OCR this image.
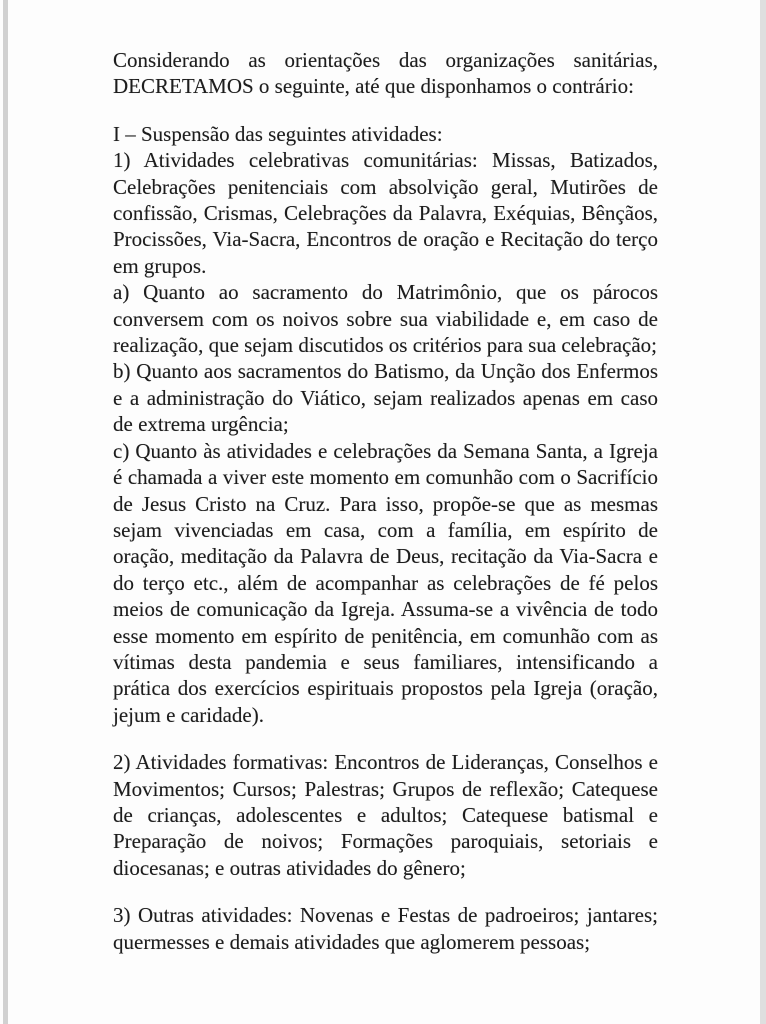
Considerando as orientações das organizações sanitárias, DECRETAMOS o seguinte, até que disponhamos o contrário:

I – Suspensão das seguintes atividades:

1) Atividades celebrativas comunitárias: Missas, Batizados, Celebrações penitenciais com absolvição geral, Mutirões de confissão, Crismas, Celebrações da Palavra, Exéquias, Bênçãos, Procissões, Via-Sacra, Encontros de oração e Recitação do terço em grupos.

a) Quanto ao sacramento do Matrimônio, que os párocos conversem com os noivos sobre sua viabilidade e, em caso de realização, que sejam discutidos os critérios para sua celebração;

b) Quanto aos sacramentos do Batismo, da Unção dos Enfermos e a administração do Viático, sejam realizados apenas em caso de extrema urgência;

c) Quanto às atividades e celebrações da Semana Santa, a Igreja é chamada a viver este momento em comunhão com o Sacrifício de Jesus Cristo na Cruz. Para isso, propõe-se que as mesmas sejam vivenciadas em casa, com a família, em espírito de oração, meditação da Palavra de Deus, recitação da Via-Sacra e do terço etc., além de acompanhar as celebrações de fé pelos meios de comunicação da Igreja. Assuma-se a vivência de todo esse momento em espírito de penitência, em comunhão com as vítimas desta pandemia e seus familiares, intensificando a prática dos exercícios espirituais propostos pela Igreja (oração, jejum e caridade).

2) Atividades formativas: Encontros de Lideranças, Conselhos e Movimentos; Cursos; Palestras; Grupos de reflexão; Catequese de crianças, adolescentes e adultos; Catequese batismal e Preparação de noivos; Formações paroquiais, setoriais e diocesanas; e outras atividades do gênero;

3) Outras atividades: Novenas e Festas de padroeiros; jantares; quermesses e demais atividades que aglomerem pessoas;
